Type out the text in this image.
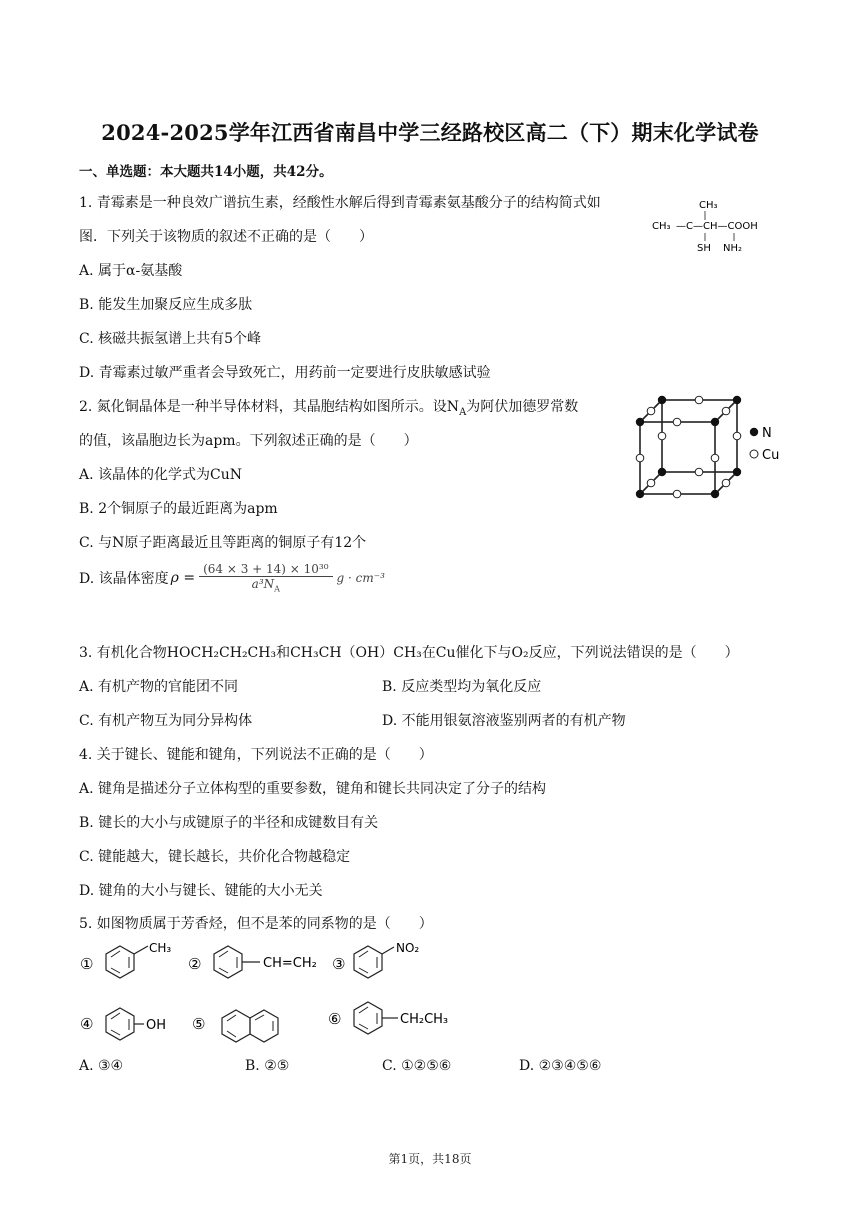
2024-2025学年江西省南昌中学三经路校区高二（下）期末化学试卷
一、单选题：本大题共14小题，共42分。
1. 青霉素是一种良效广谱抗生素，经酸性水解后得到青霉素氨基酸分子的结构简式如
图．下列关于该物质的叙述不正确的是（　　）
A. 属于α-氨基酸
B. 能发生加聚反应生成多肽
C. 核磁共振氢谱上共有5个峰
D. 青霉素过敏严重者会导致死亡，用药前一定要进行皮肤敏感试验
CH₃
CH₃ —C—CH—COOH
SH NH₂
2. 氮化铜晶体是一种半导体材料，其晶胞结构如图所示。设$N_A$为阿伏加德罗常数
的值，该晶胞边长为apm。下列叙述正确的是（　　）
A. 该晶体的化学式为CuN
B. 2个铜原子的最近距离为apm
C. 与N原子距离最近且等距离的铜原子有12个
D. 该晶体密度 ρ =
(64 × 3 + 14) × 10³⁰
$a^3N_A$
g · cm⁻³
N
Cu
3. 有机化合物HOCH₂CH₂CH₃和CH₃CH（OH）CH₃在Cu催化下与O₂反应，下列说法错误的是（　　）
A. 有机产物的官能团不同	B. 反应类型均为氧化反应
C. 有机产物互为同分异构体	D. 不能用银氨溶液鉴别两者的有机产物
4. 关于键长、键能和键角，下列说法不正确的是（　　）
A. 键角是描述分子立体构型的重要参数，键角和键长共同决定了分子的结构
B. 键长的大小与成键原子的半径和成键数目有关
C. 键能越大，键长越长，共价化合物越稳定
D. 键角的大小与键长、键能的大小无关
5. 如图物质属于芳香烃，但不是苯的同系物的是（　　）
①
CH₃
②	CH=CH₂ ③
NO₂
④	OH ⑤	⑥	CH₂CH₃
A. ③④	B. ②⑤	C. ①②⑤⑥	D. ②③④⑤⑥
第1页，共18页
